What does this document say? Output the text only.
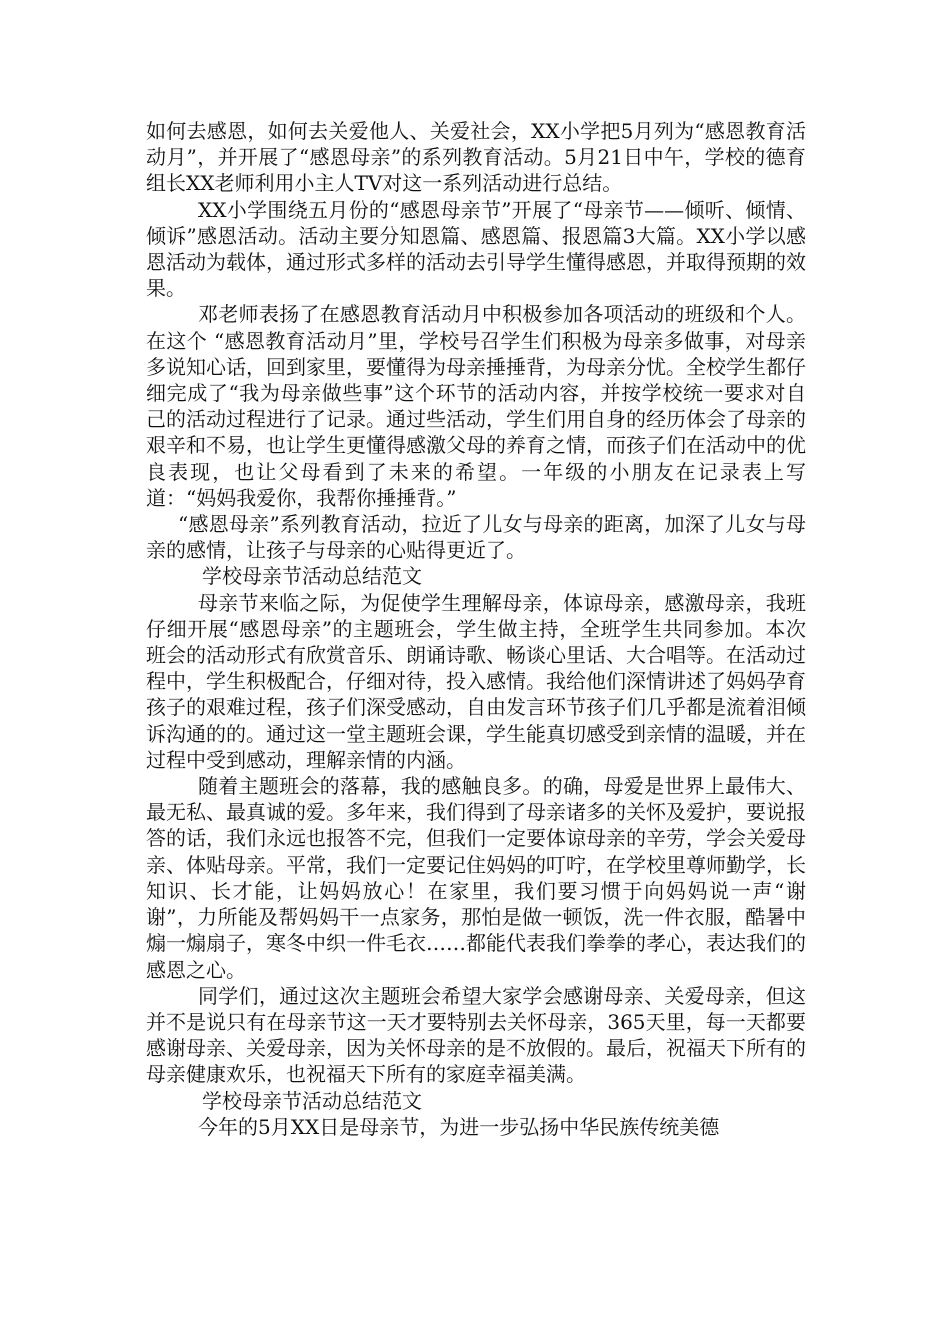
如何去感恩，如何去关爱他人、关爱社会，XX小学把5月列为“感恩教育活动月”，并开展了“感恩母亲”的系列教育活动。5月21日中午，学校的德育组长XX老师利用小主人TV对这一系列活动进行总结。

XX小学围绕五月份的“感恩母亲节”开展了“母亲节——倾听、倾情、倾诉”感恩活动。活动主要分知恩篇、感恩篇、报恩篇3大篇。XX小学以感恩活动为载体，通过形式多样的活动去引导学生懂得感恩，并取得预期的效果。

邓老师表扬了在感恩教育活动月中积极参加各项活动的班级和个人。在这个 “感恩教育活动月”里，学校号召学生们积极为母亲多做事，对母亲多说知心话，回到家里，要懂得为母亲捶捶背，为母亲分忧。全校学生都仔细完成了“我为母亲做些事”这个环节的活动内容，并按学校统一要求对自己的活动过程进行了记录。通过些活动，学生们用自身的经历体会了母亲的艰辛和不易，也让学生更懂得感激父母的养育之情，而孩子们在活动中的优良表现，也让父母看到了未来的希望。一年级的小朋友在记录表上写道：“妈妈我爱你，我帮你捶捶背。”

“感恩母亲”系列教育活动，拉近了儿女与母亲的距离，加深了儿女与母亲的感情，让孩子与母亲的心贴得更近了。

学校母亲节活动总结范文

母亲节来临之际，为促使学生理解母亲，体谅母亲，感激母亲，我班仔细开展“感恩母亲”的主题班会，学生做主持，全班学生共同参加。本次班会的活动形式有欣赏音乐、朗诵诗歌、畅谈心里话、大合唱等。在活动过程中，学生积极配合，仔细对待，投入感情。我给他们深情讲述了妈妈孕育孩子的艰难过程，孩子们深受感动，自由发言环节孩子们几乎都是流着泪倾诉沟通的的。通过这一堂主题班会课，学生能真切感受到亲情的温暖，并在过程中受到感动，理解亲情的内涵。

随着主题班会的落幕，我的感触良多。的确，母爱是世界上最伟大、最无私、最真诚的爱。多年来，我们得到了母亲诸多的关怀及爱护，要说报答的话，我们永远也报答不完，但我们一定要体谅母亲的辛劳，学会关爱母亲、体贴母亲。平常，我们一定要记住妈妈的叮咛，在学校里尊师勤学，长知识、长才能，让妈妈放心！在家里，我们要习惯于向妈妈说一声“谢谢”，力所能及帮妈妈干一点家务，那怕是做一顿饭，洗一件衣服，酷暑中煽一煽扇子，寒冬中织一件毛衣……都能代表我们拳拳的孝心，表达我们的感恩之心。

同学们，通过这次主题班会希望大家学会感谢母亲、关爱母亲，但这并不是说只有在母亲节这一天才要特别去关怀母亲，365天里，每一天都要感谢母亲、关爱母亲，因为关怀母亲的是不放假的。最后，祝福天下所有的母亲健康欢乐，也祝福天下所有的家庭幸福美满。

学校母亲节活动总结范文

今年的5月XX日是母亲节，为进一步弘扬中华民族传统美德
